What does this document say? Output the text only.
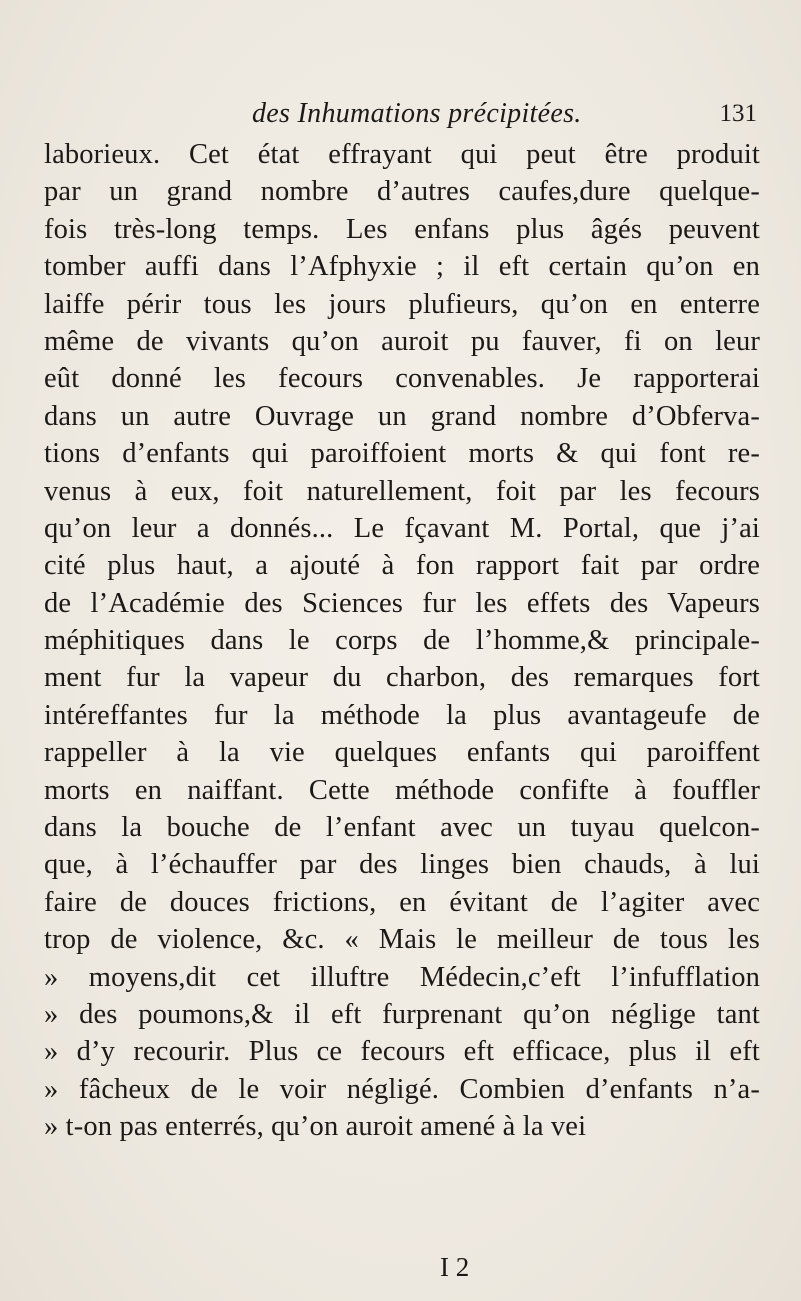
des Inhumations précipitées.	131
laborieux. Cet état effrayant qui peut être produit
par un grand nombre d’autres caufes,dure quelque-
fois très-long temps. Les enfans plus âgés peuvent
tomber auffi dans l’Afphyxie ; il eft certain qu’on en
laiffe périr tous les jours plufieurs, qu’on en enterre
même de vivants qu’on auroit pu fauver, fi on leur
eût donné les fecours convenables. Je rapporterai
dans un autre Ouvrage un grand nombre d’Obferva-
tions d’enfants qui paroiffoient morts & qui font re-
venus à eux, foit naturellement, foit par les fecours
qu’on leur a donnés... Le fçavant M. Portal, que j’ai
cité plus haut, a ajouté à fon rapport fait par ordre
de l’Académie des Sciences fur les effets des Vapeurs
méphitiques dans le corps de l’homme,& principale-
ment fur la vapeur du charbon, des remarques fort
intéreffantes fur la méthode la plus avantageufe de
rappeller à la vie quelques enfants qui paroiffent
morts en naiffant. Cette méthode confifte à fouffler
dans la bouche de l’enfant avec un tuyau quelcon-
que, à l’échauffer par des linges bien chauds, à lui
faire de douces frictions, en évitant de l’agiter avec
trop de violence, &c. « Mais le meilleur de tous les
» moyens,dit cet illuftre Médecin,c’eft l’infufflation
» des poumons,& il eft furprenant qu’on néglige tant
» d’y recourir. Plus ce fecours eft efficace, plus il eft
» fâcheux de le voir négligé. Combien d’enfants n’a-
» t-on pas enterrés, qu’on auroit amené à la vei
I 2
